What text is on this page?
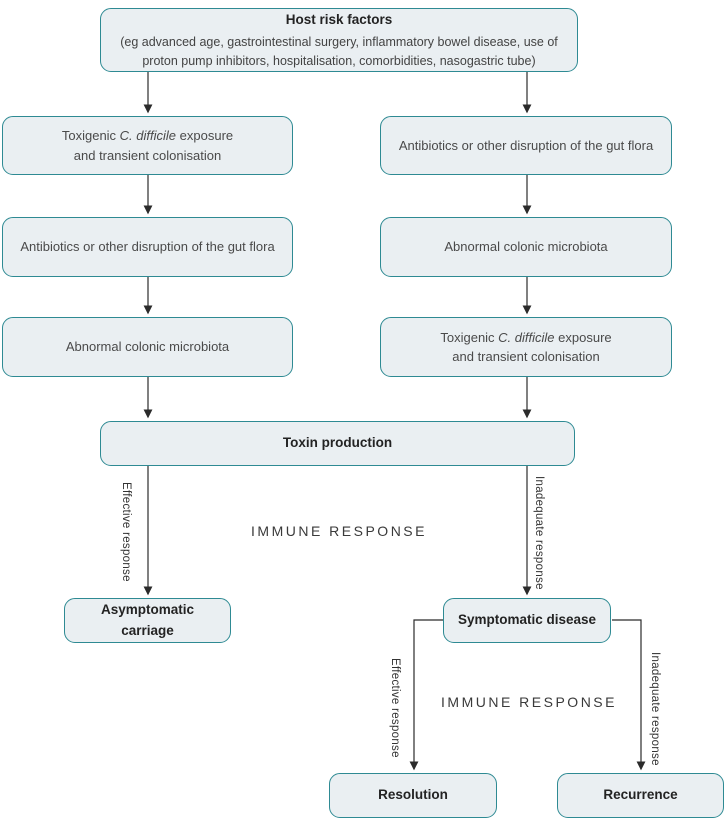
Host risk factors
(eg advanced age, gastrointestinal surgery, inflammatory bowel disease, use of proton pump inhibitors, hospitalisation, comorbidities, nasogastric tube)
Toxigenic C. difficile exposure
and transient colonisation
Antibiotics or other disruption of the gut flora
Abnormal colonic microbiota
Antibiotics or other disruption of the gut flora
Abnormal colonic microbiota
Toxigenic C. difficile exposure
and transient colonisation
Toxin production
Effective response	IMMUNE RESPONSE	Inadequate response
Asymptomatic carriage
Symptomatic disease
Effective response	IMMUNE RESPONSE	Inadequate response
Resolution	Recurrence
